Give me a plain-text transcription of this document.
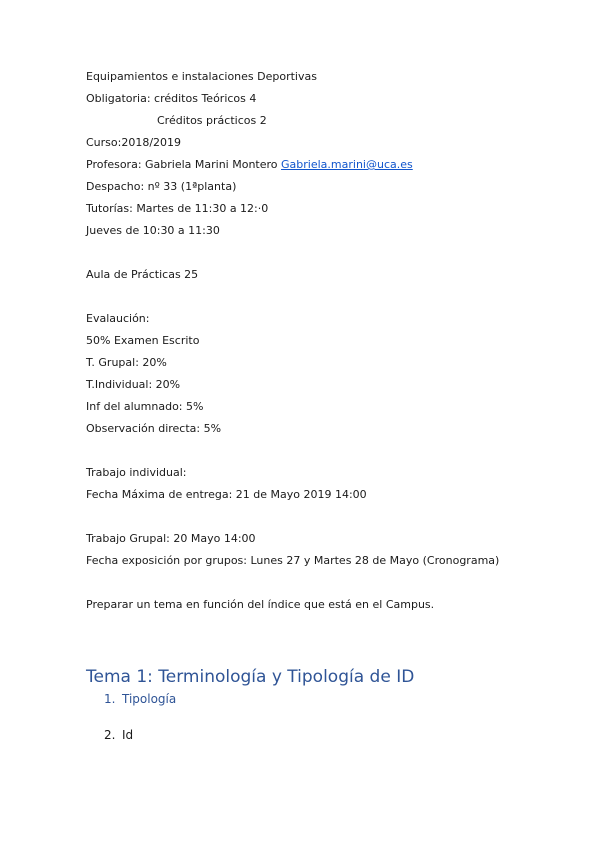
Equipamientos e instalaciones Deportivas
Obligatoria: créditos Teóricos 4
Créditos prácticos 2
Curso:2018/2019
Profesora: Gabriela Marini Montero Gabriela.marini@uca.es
Despacho: nº 33 (1ªplanta)
Tutorías: Martes de 11:30 a 12:·0
Jueves de 10:30 a 11:30
Aula de Prácticas 25
Evalaución:
50% Examen Escrito
T. Grupal: 20%
T.Individual: 20%
Inf del alumnado: 5%
Observación directa: 5%
Trabajo individual:
Fecha Máxima de entrega: 21 de Mayo 2019 14:00
Trabajo Grupal: 20 Mayo 14:00
Fecha exposición por grupos: Lunes 27 y Martes 28 de Mayo (Cronograma)
Preparar un tema en función del índice que está en el Campus.
Tema 1: Terminología y Tipología de ID
1. Tipología
2. Id
